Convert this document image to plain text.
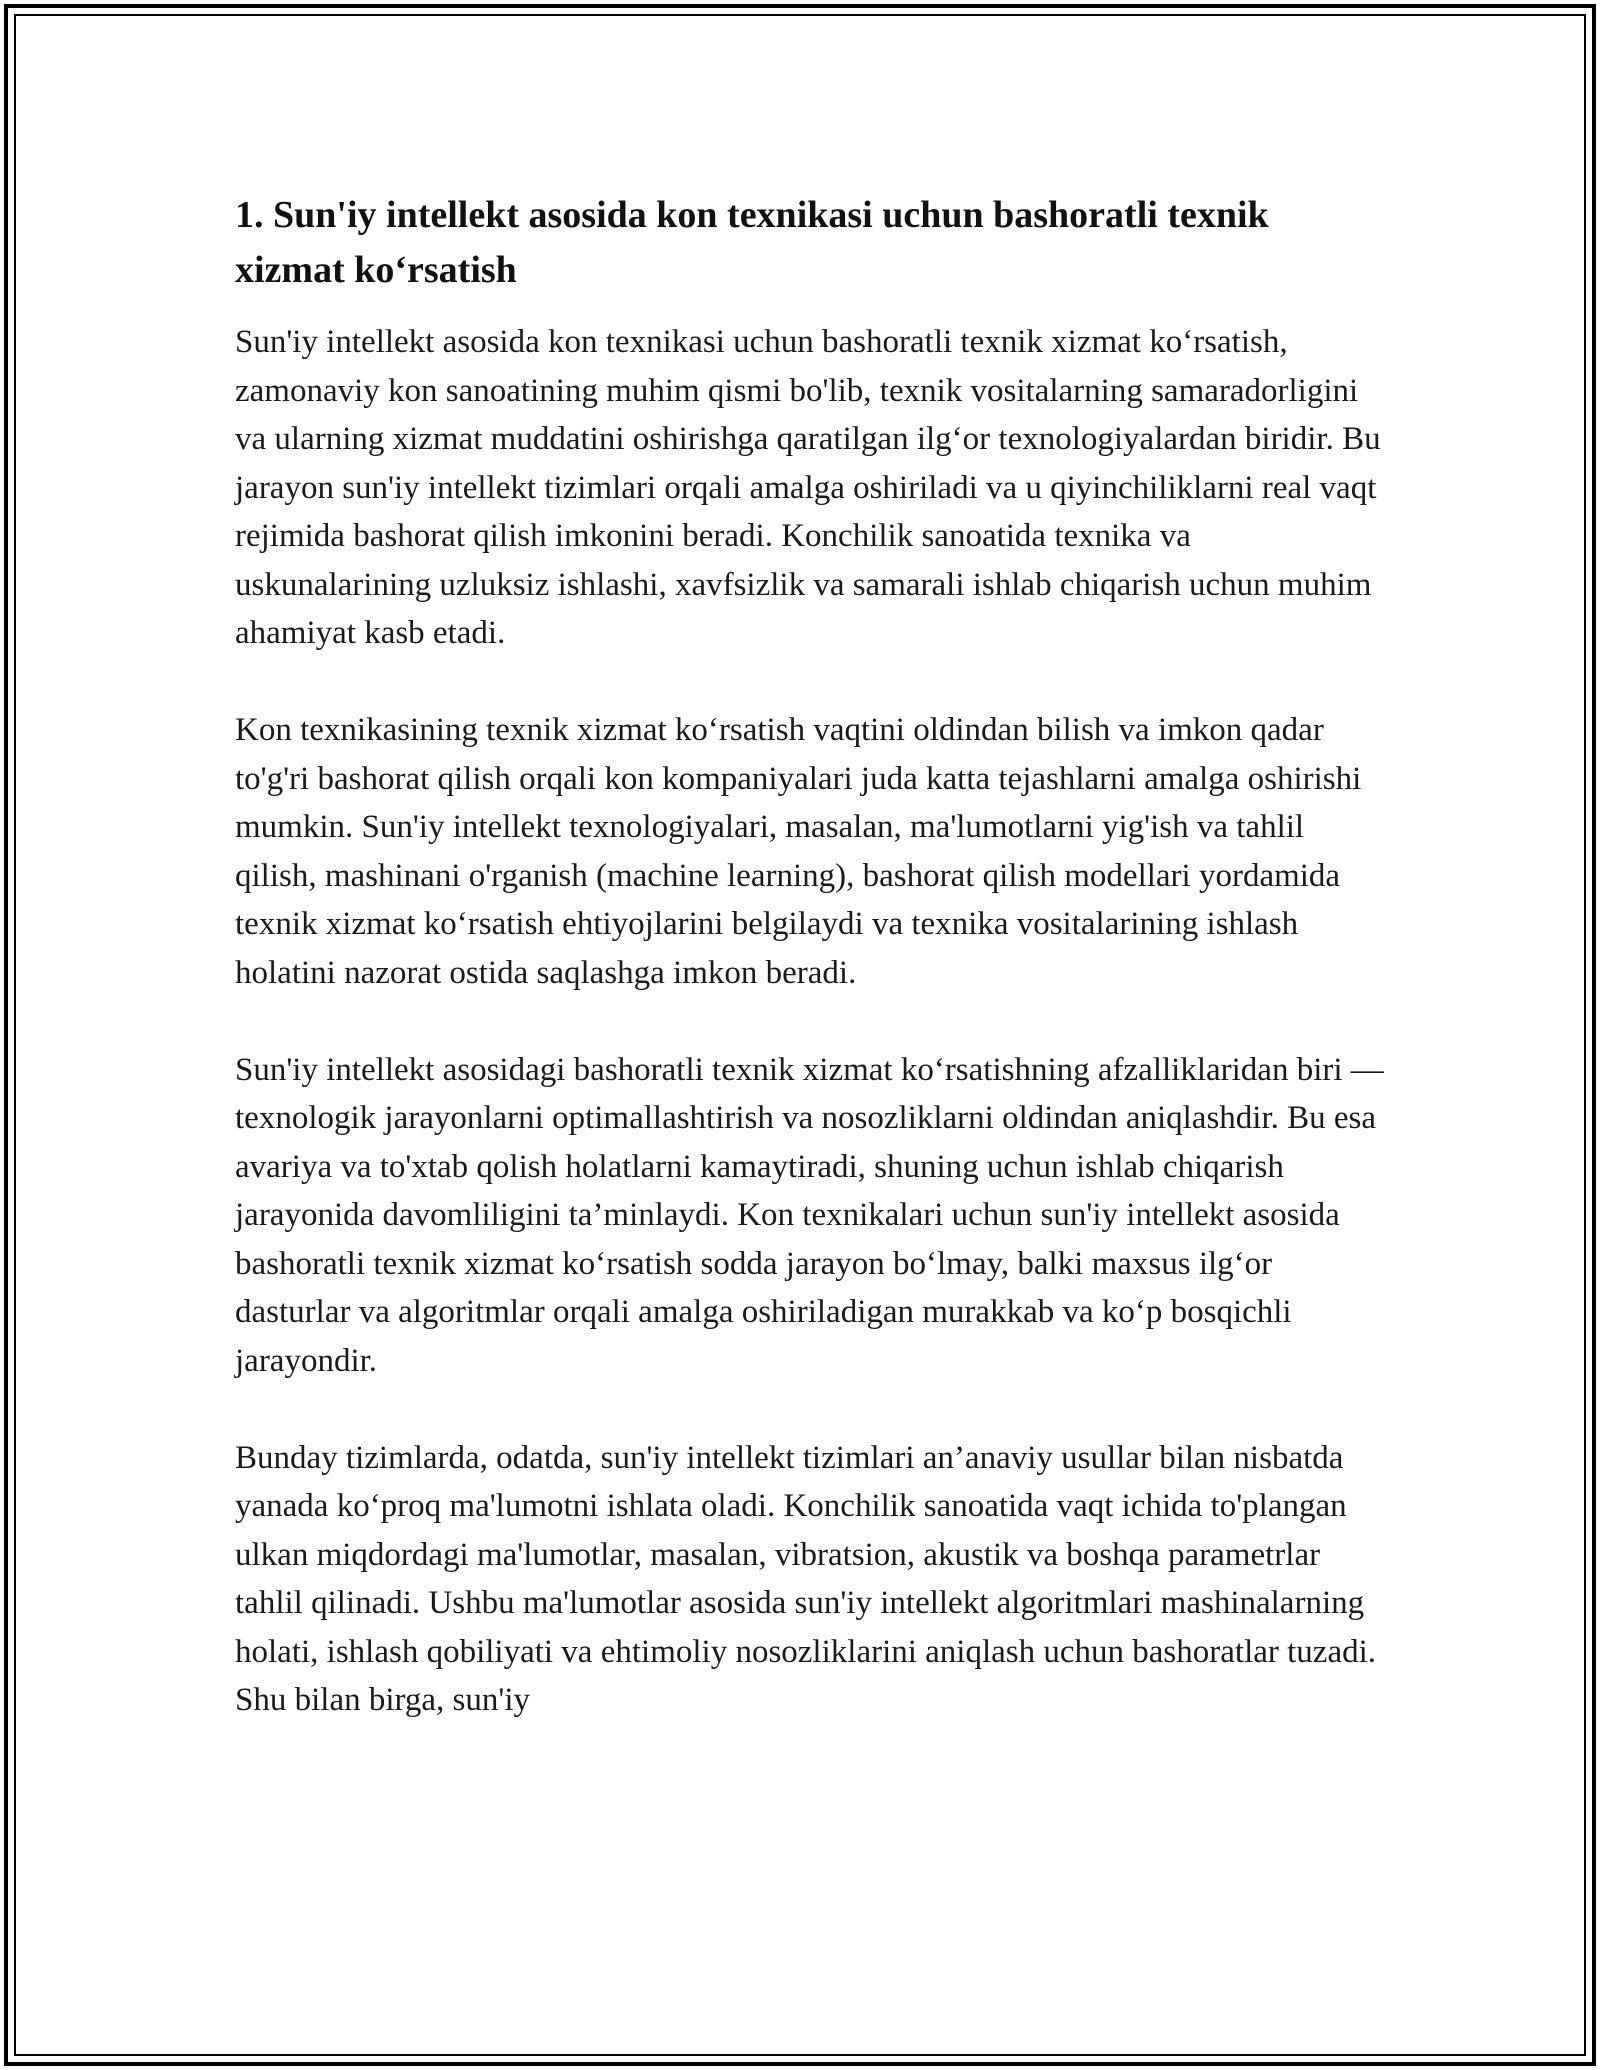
1. Sun'iy intellekt asosida kon texnikasi uchun bashoratli texnik xizmat ko‘rsatish

Sun'iy intellekt asosida kon texnikasi uchun bashoratli texnik xizmat ko‘rsatish, zamonaviy kon sanoatining muhim qismi bo'lib, texnik vositalarning samaradorligini va ularning xizmat muddatini oshirishga qaratilgan ilg‘or texnologiyalardan biridir. Bu jarayon sun'iy intellekt tizimlari orqali amalga oshiriladi va u qiyinchiliklarni real vaqt rejimida bashorat qilish imkonini beradi. Konchilik sanoatida texnika va uskunalarining uzluksiz ishlashi, xavfsizlik va samarali ishlab chiqarish uchun muhim ahamiyat kasb etadi.

Kon texnikasining texnik xizmat ko‘rsatish vaqtini oldindan bilish va imkon qadar to'g'ri bashorat qilish orqali kon kompaniyalari juda katta tejashlarni amalga oshirishi mumkin. Sun'iy intellekt texnologiyalari, masalan, ma'lumotlarni yig'ish va tahlil qilish, mashinani o'rganish (machine learning), bashorat qilish modellari yordamida texnik xizmat ko‘rsatish ehtiyojlarini belgilaydi va texnika vositalarining ishlash holatini nazorat ostida saqlashga imkon beradi.

Sun'iy intellekt asosidagi bashoratli texnik xizmat ko‘rsatishning afzalliklaridan biri — texnologik jarayonlarni optimallashtirish va nosozliklarni oldindan aniqlashdir. Bu esa avariya va to'xtab qolish holatlarni kamaytiradi, shuning uchun ishlab chiqarish jarayonida davomliligini ta’minlaydi. Kon texnikalari uchun sun'iy intellekt asosida bashoratli texnik xizmat ko‘rsatish sodda jarayon bo‘lmay, balki maxsus ilg‘or dasturlar va algoritmlar orqali amalga oshiriladigan murakkab va ko‘p bosqichli jarayondir.

Bunday tizimlarda, odatda, sun'iy intellekt tizimlari an’anaviy usullar bilan nisbatda yanada ko‘proq ma'lumotni ishlata oladi. Konchilik sanoatida vaqt ichida to'plangan ulkan miqdordagi ma'lumotlar, masalan, vibratsion, akustik va boshqa parametrlar tahlil qilinadi. Ushbu ma'lumotlar asosida sun'iy intellekt algoritmlari mashinalarning holati, ishlash qobiliyati va ehtimoliy nosozliklarini aniqlash uchun bashoratlar tuzadi. Shu bilan birga, sun'iy
